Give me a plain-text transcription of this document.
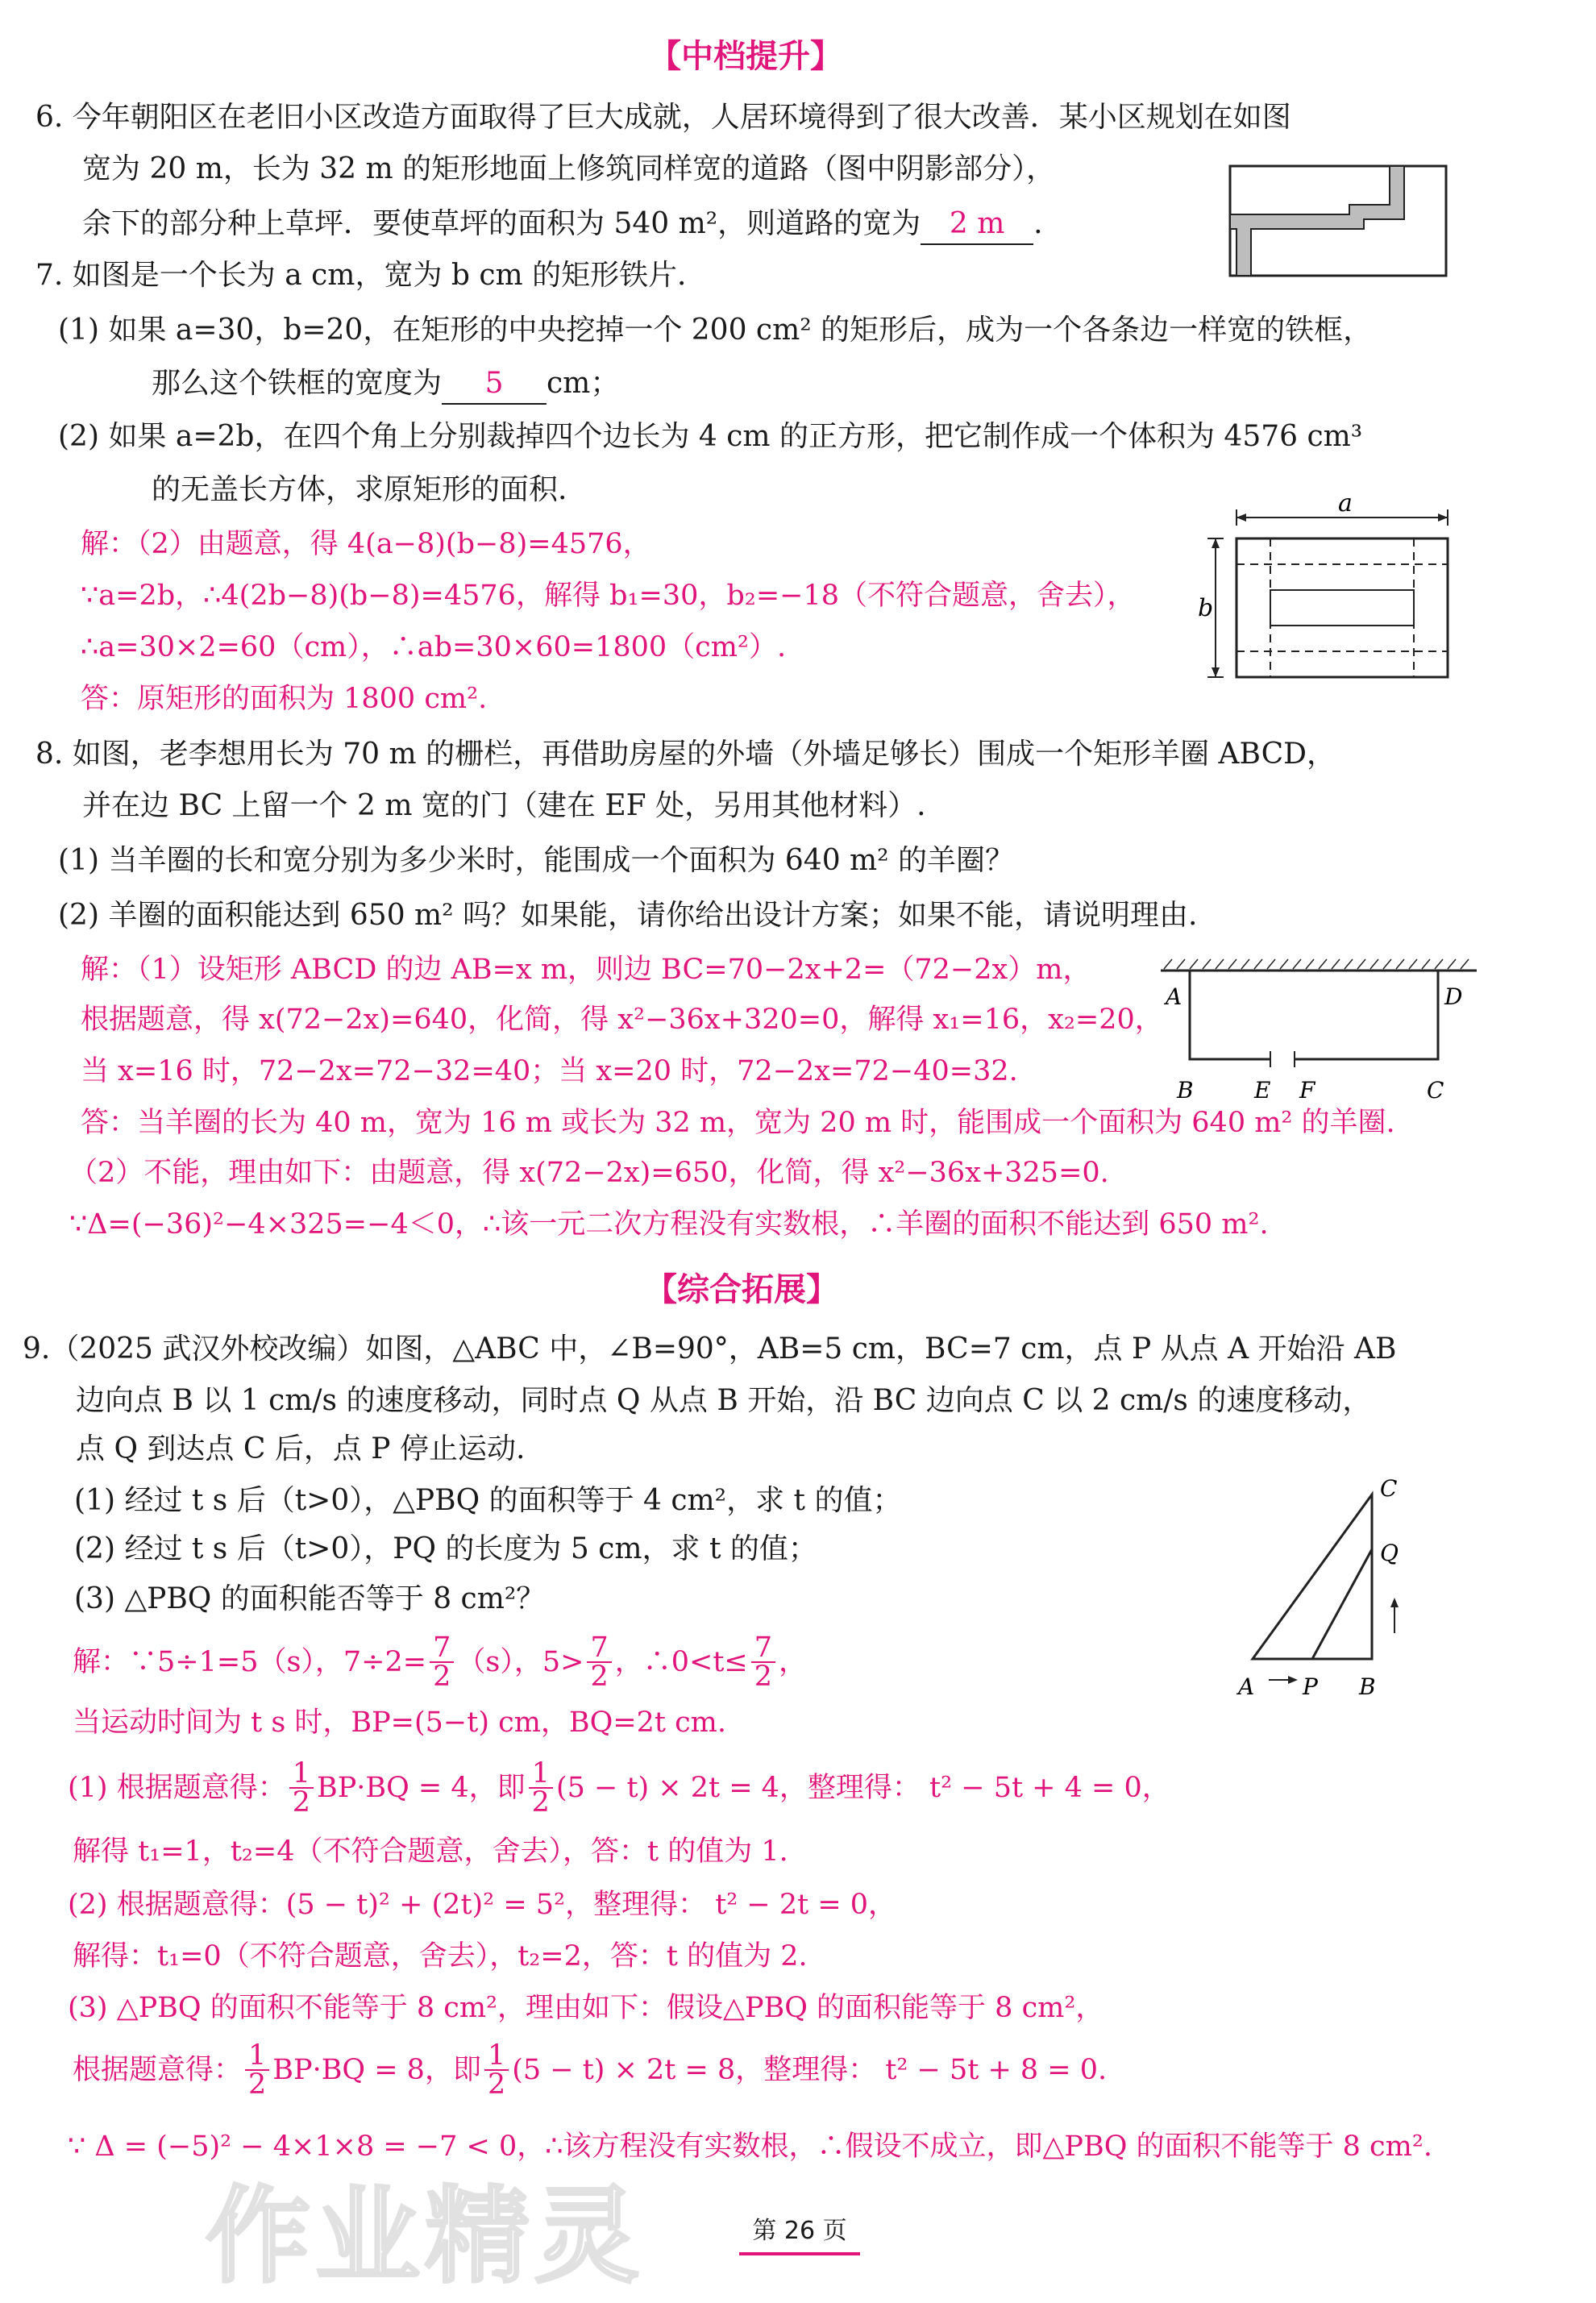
【中档提升】
6. 今年朝阳区在老旧小区改造方面取得了巨大成就，人居环境得到了很大改善．某小区规划在如图
宽为 20 m，长为 32 m 的矩形地面上修筑同样宽的道路（图中阴影部分），
余下的部分种上草坪．要使草坪的面积为 540 m²，则道路的宽为 2 m .
7. 如图是一个长为 a cm，宽为 b cm 的矩形铁片．
(1) 如果 a=30，b=20，在矩形的中央挖掉一个 200 cm² 的矩形后，成为一个各条边一样宽的铁框，
那么这个铁框的宽度为 5 cm；
(2) 如果 a=2b，在四个角上分别裁掉四个边长为 4 cm 的正方形，把它制作成一个体积为 4576 cm³
的无盖长方体，求原矩形的面积.
解：（2）由题意，得 4(a−8)(b−8)=4576，
∵a=2b，∴4(2b−8)(b−8)=4576，解得 b₁=30，b₂=−18（不符合题意，舍去），
∴a=30×2=60（cm），∴ab=30×60=1800（cm²）.
答：原矩形的面积为 1800 cm².
a
b
8. 如图，老李想用长为 70 m 的栅栏，再借助房屋的外墙（外墙足够长）围成一个矩形羊圈 ABCD，
并在边 BC 上留一个 2 m 宽的门（建在 EF 处，另用其他材料）.
(1) 当羊圈的长和宽分别为多少米时，能围成一个面积为 640 m² 的羊圈？
(2) 羊圈的面积能达到 650 m² 吗？如果能，请你给出设计方案；如果不能，请说明理由.
解：（1）设矩形 ABCD 的边 AB=x m，则边 BC=70−2x+2=（72−2x）m，
根据题意，得 x(72−2x)=640，化简，得 x²−36x+320=0，解得 x₁=16，x₂=20，
当 x=16 时，72−2x=72−32=40；当 x=20 时，72−2x=72−40=32.
答：当羊圈的长为 40 m，宽为 16 m 或长为 32 m，宽为 20 m 时，能围成一个面积为 640 m² 的羊圈.
（2）不能，理由如下：由题意，得 x(72−2x)=650，化简，得 x²−36x+325=0.
∵Δ=(−36)²−4×325=−4＜0，∴该一元二次方程没有实数根，∴羊圈的面积不能达到 650 m².
A	D
B	E F	C
【综合拓展】
9.（2025 武汉外校改编）如图，△ABC 中，∠B=90°，AB=5 cm，BC=7 cm，点 P 从点 A 开始沿 AB
边向点 B 以 1 cm/s 的速度移动，同时点 Q 从点 B 开始，沿 BC 边向点 C 以 2 cm/s 的速度移动，
点 Q 到达点 C 后，点 P 停止运动.
(1) 经过 t s 后（t>0），△PBQ 的面积等于 4 cm²，求 t 的值；
(2) 经过 t s 后（t>0），PQ 的长度为 5 cm，求 t 的值；
(3) △PBQ 的面积能否等于 8 cm²？
A P B
C
Q
解：∵5÷1=5（s），$7\div 2= \frac{7}{2} (s)$，$5> \frac{7}{2}$ ，∴0<t≤ $\frac{7}{2}$ ，
当运动时间为 t s 时，BP=(5−t) cm，BQ=2t cm.
(1) 根据题意得： $\frac{1}{2} BP\cdot BQ = 4$，即 $\frac{1}{2} (5 - t) \times 2t = 4$，整理得： t² − 5t + 4 = 0，
解得 t₁=1，t₂=4（不符合题意，舍去），答：t 的值为 1.
(2) 根据题意得：(5 − t)² + (2t)² = 5²，整理得： t² − 2t = 0，
解得：t₁=0（不符合题意，舍去），t₂=2，答：t 的值为 2.
(3) △PBQ 的面积不能等于 8 cm²，理由如下：假设△PBQ 的面积能等于 8 cm²，
根据题意得： $\frac{1}{2} BP\cdot BQ = 8$，即 $\frac{1}{2} (5 - t) \times 2t = 8$，整理得： t² − 5t + 8 = 0.
∵ Δ = (−5)² − 4×1×8 = −7 < 0，∴该方程没有实数根，∴假设不成立，即△PBQ 的面积不能等于 8 cm².
作业精灵	第 26 页
